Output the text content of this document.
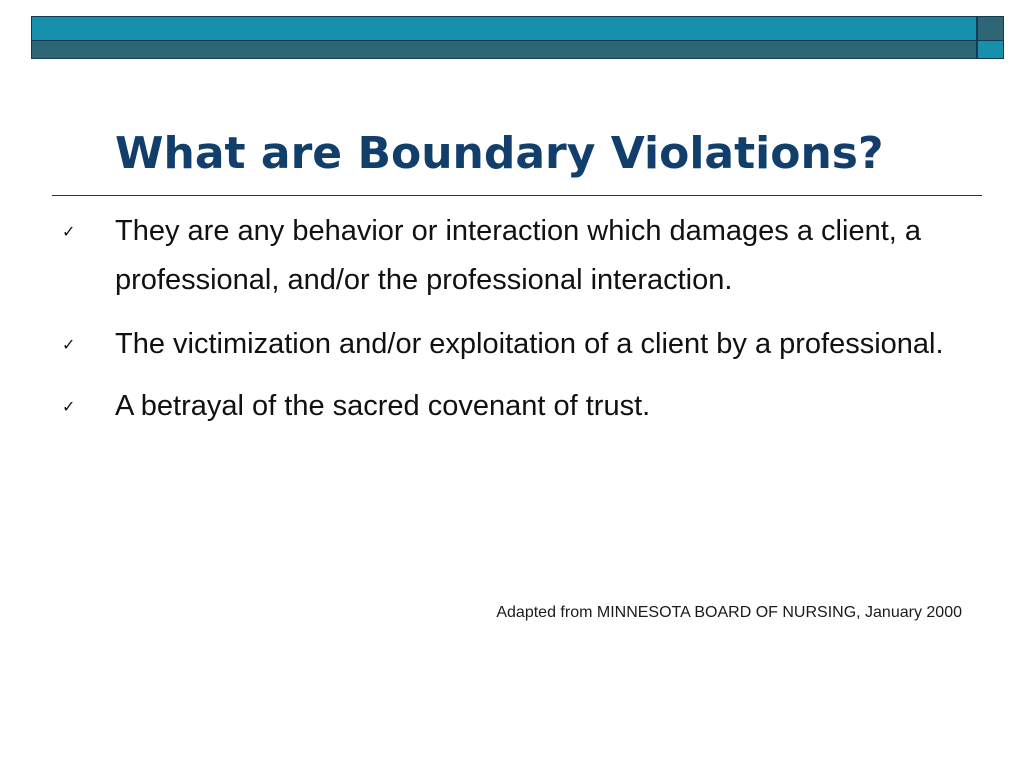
What are Boundary Violations?
✓ They are any behavior or interaction which damages a client, a professional, and/or the professional interaction.
✓ The victimization and/or exploitation of a client by a professional.
✓ A betrayal of the sacred covenant of trust.
Adapted from MINNESOTA BOARD OF NURSING, January 2000
